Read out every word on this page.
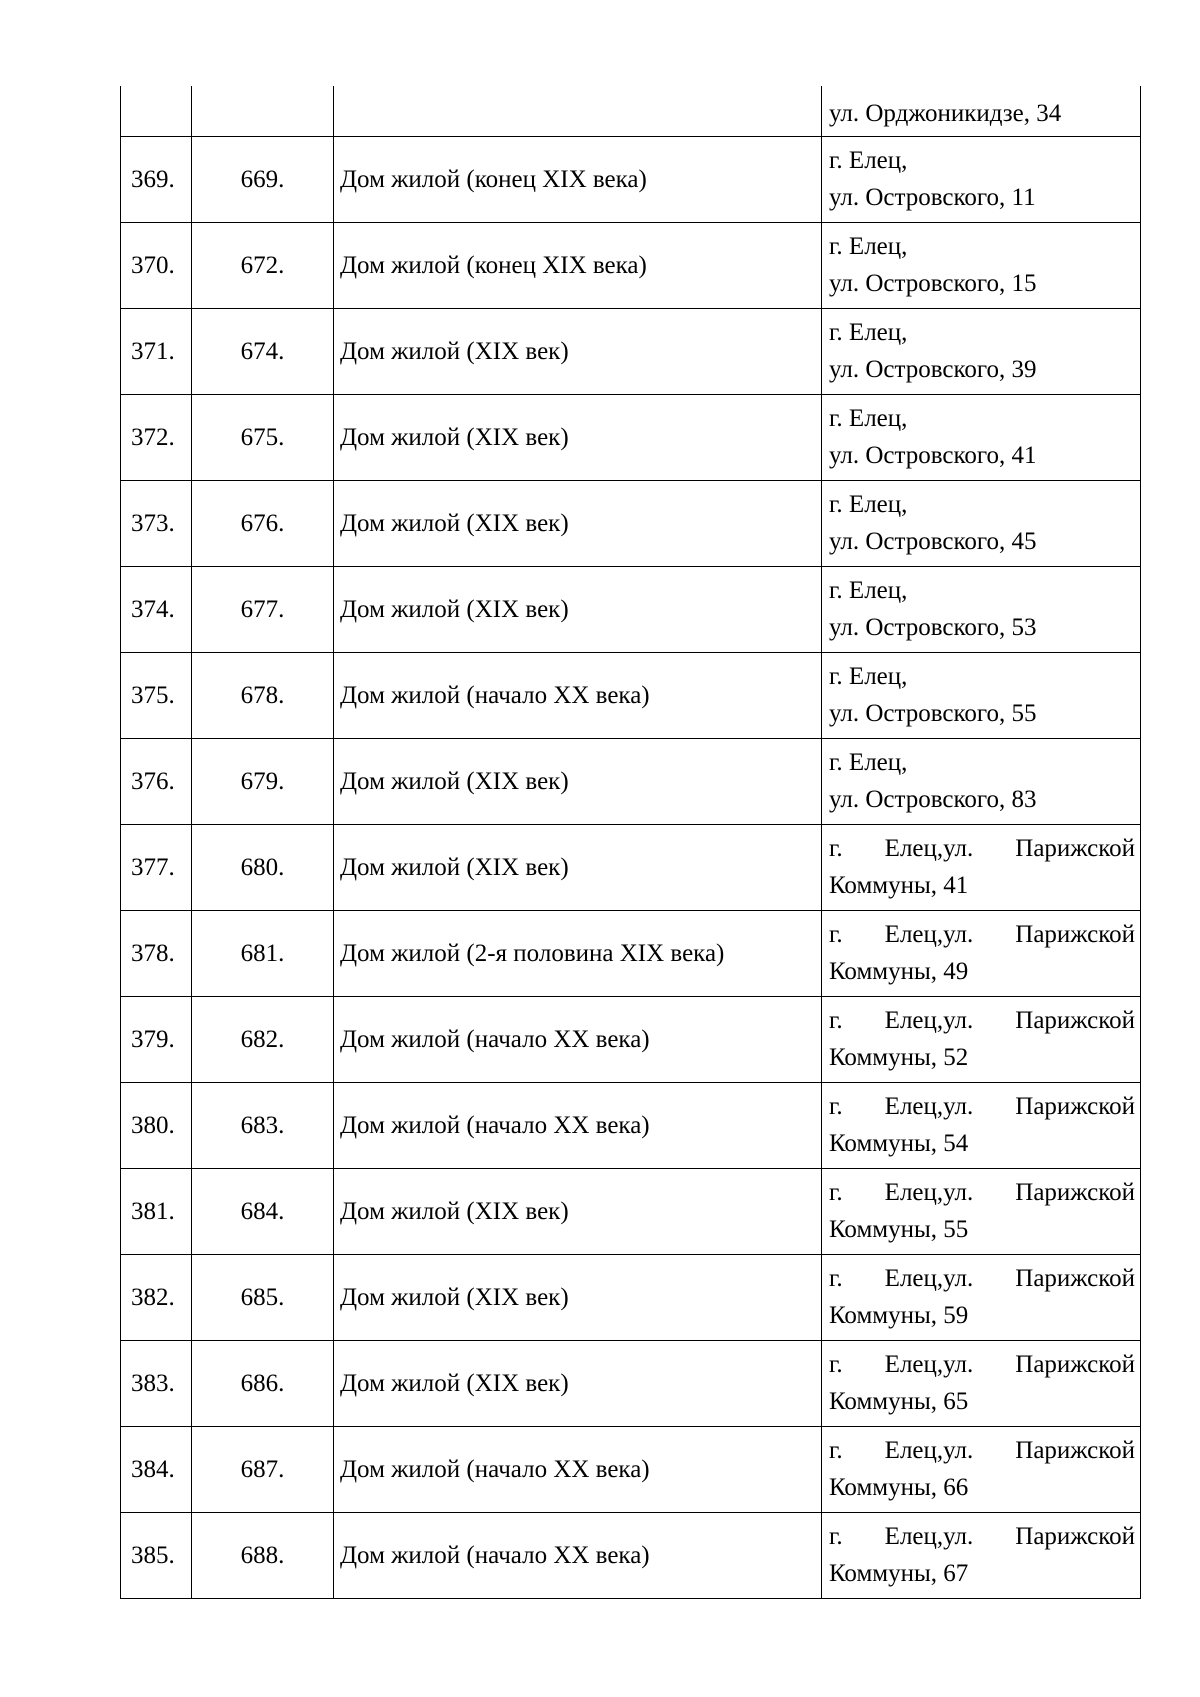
			ул. Орджоникидзе, 34

369.	669.	Дом жилой (конец XIX века)	г. Елец,
ул. Островского, 11

370.	672.	Дом жилой (конец XIX века)	г. Елец,
ул. Островского, 15

371.	674.	Дом жилой (XIX век)	г. Елец,
ул. Островского, 39

372.	675.	Дом жилой (XIX век)	г. Елец,
ул. Островского, 41

373.	676.	Дом жилой (XIX век)	г. Елец,
ул. Островского, 45

374.	677.	Дом жилой (XIX век)	г. Елец,
ул. Островского, 53

375.	678.	Дом жилой (начало XX века)	г. Елец,
ул. Островского, 55

376.	679.	Дом жилой (XIX век)	г. Елец,
ул. Островского, 83

377.	680.	Дом жилой (XIX век)	г. Елец,ул. Парижской
Коммуны, 41

378.	681.	Дом жилой (2-я половина XIX века)	г. Елец,ул. Парижской
Коммуны, 49

379.	682.	Дом жилой (начало XX века)	г. Елец,ул. Парижской
Коммуны, 52

380.	683.	Дом жилой (начало XX века)	г. Елец,ул. Парижской
Коммуны, 54

381.	684.	Дом жилой (XIX век)	г. Елец,ул. Парижской
Коммуны, 55

382.	685.	Дом жилой (XIX век)	г. Елец,ул. Парижской
Коммуны, 59

383.	686.	Дом жилой (XIX век)	г. Елец,ул. Парижской
Коммуны, 65

384.	687.	Дом жилой (начало XX века)	г. Елец,ул. Парижской
Коммуны, 66

385.	688.	Дом жилой (начало XX века)	г. Елец,ул. Парижской
Коммуны, 67
